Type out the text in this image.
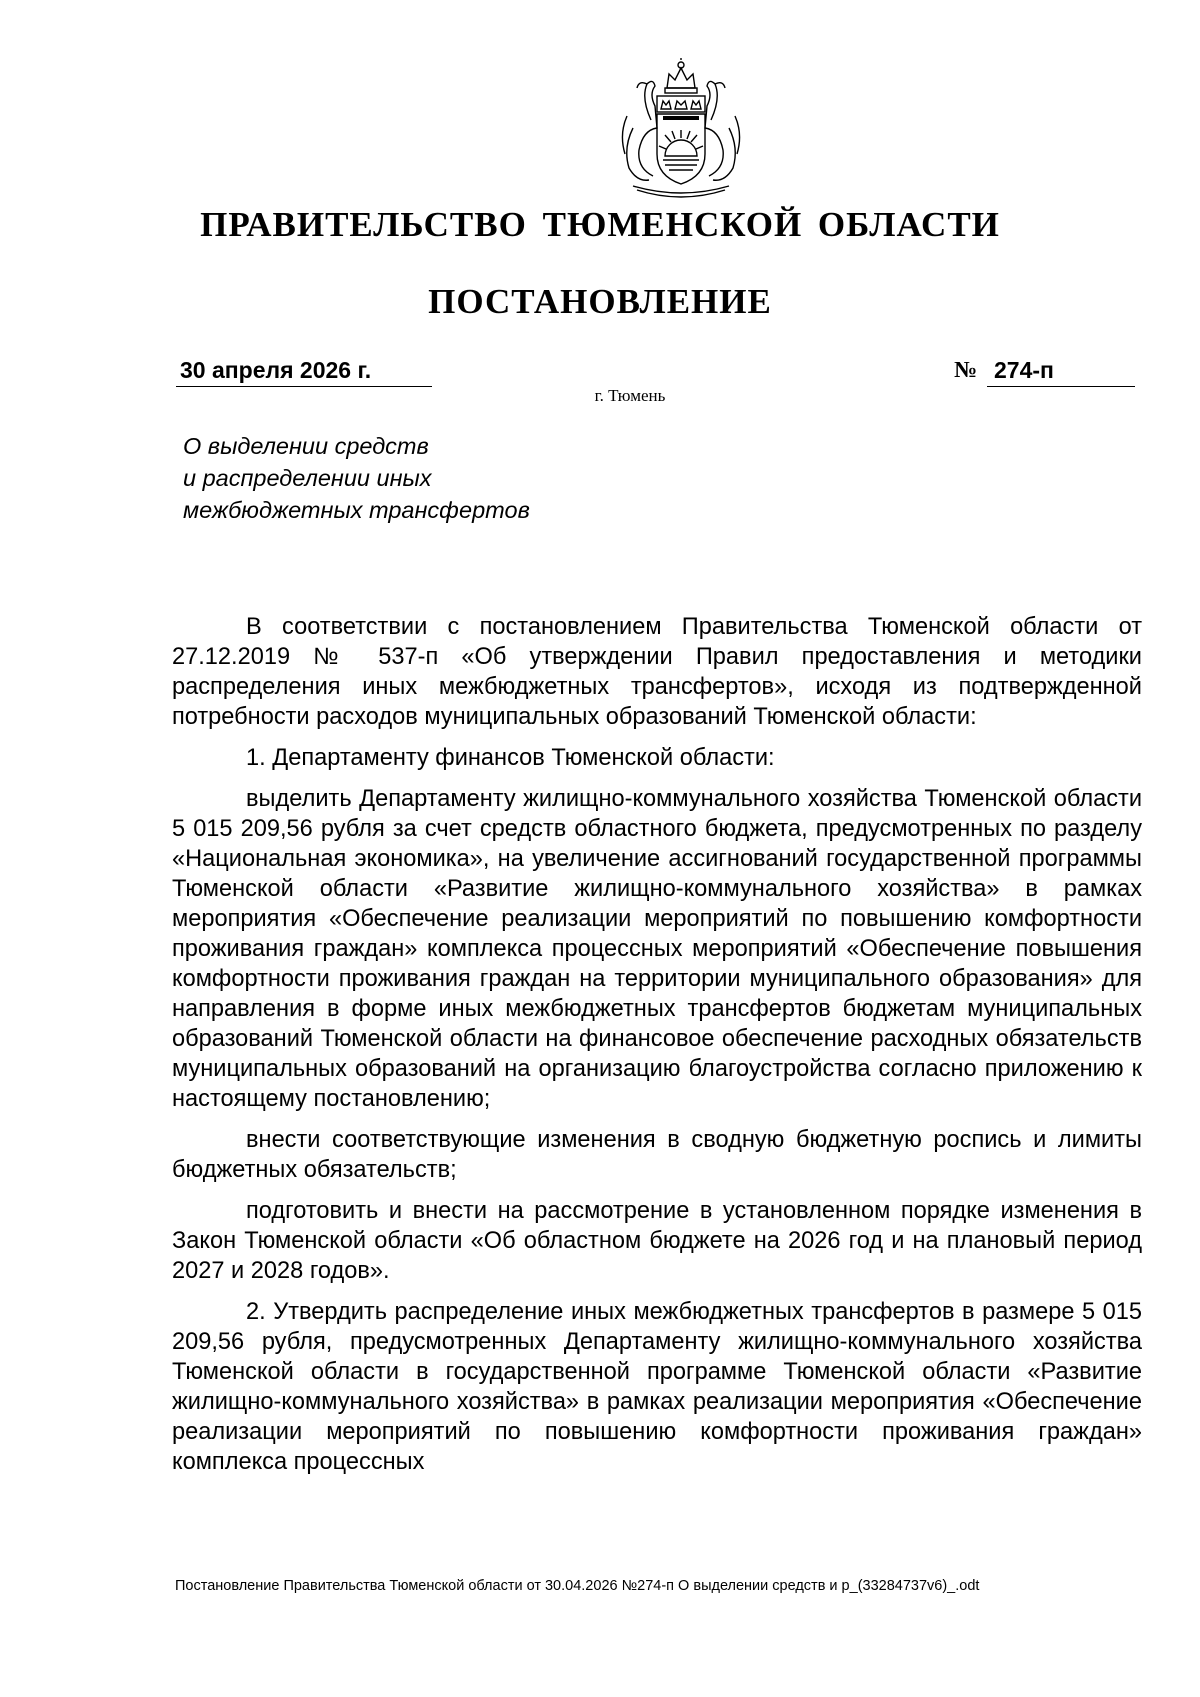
ПРАВИТЕЛЬСТВО ТЮМЕНСКОЙ ОБЛАСТИ
ПОСТАНОВЛЕНИЕ
30 апреля 2026 г.	№ 274-п
г. Тюмень
О выделении средств
и распределении иных
межбюджетных трансфертов

В соответствии с постановлением Правительства Тюменской области от 27.12.2019 № 537-п «Об утверждении Правил предоставления и методики распределения иных межбюджетных трансфертов», исходя из подтвержденной потребности расходов муниципальных образований Тюменской области:

1. Департаменту финансов Тюменской области:

выделить Департаменту жилищно-коммунального хозяйства Тюменской области 5 015 209,56 рубля за счет средств областного бюджета, предусмотренных по разделу «Национальная экономика», на увеличение ассигнований государственной программы Тюменской области «Развитие жилищно-коммунального хозяйства» в рамках мероприятия «Обеспечение реализации мероприятий по повышению комфортности проживания граждан» комплекса процессных мероприятий «Обеспечение повышения комфортности проживания граждан на территории муниципального образования» для направления в форме иных межбюджетных трансфертов бюджетам муниципальных образований Тюменской области на финансовое обеспечение расходных обязательств муниципальных образований на организацию благоустройства согласно приложению к настоящему постановлению;

внести соответствующие изменения в сводную бюджетную роспись и лимиты бюджетных обязательств;

подготовить и внести на рассмотрение в установленном порядке изменения в Закон Тюменской области «Об областном бюджете на 2026 год и на плановый период 2027 и 2028 годов».

2. Утвердить распределение иных межбюджетных трансфертов в размере 5 015 209,56 рубля, предусмотренных Департаменту жилищно-коммунального хозяйства Тюменской области в государственной программе Тюменской области «Развитие жилищно-коммунального хозяйства» в рамках реализации мероприятия «Обеспечение реализации мероприятий по повышению комфортности проживания граждан» комплекса процессных

Постановление Правительства Тюменской области от 30.04.2026 №274-п О выделении средств и р_(33284737v6)_.odt
